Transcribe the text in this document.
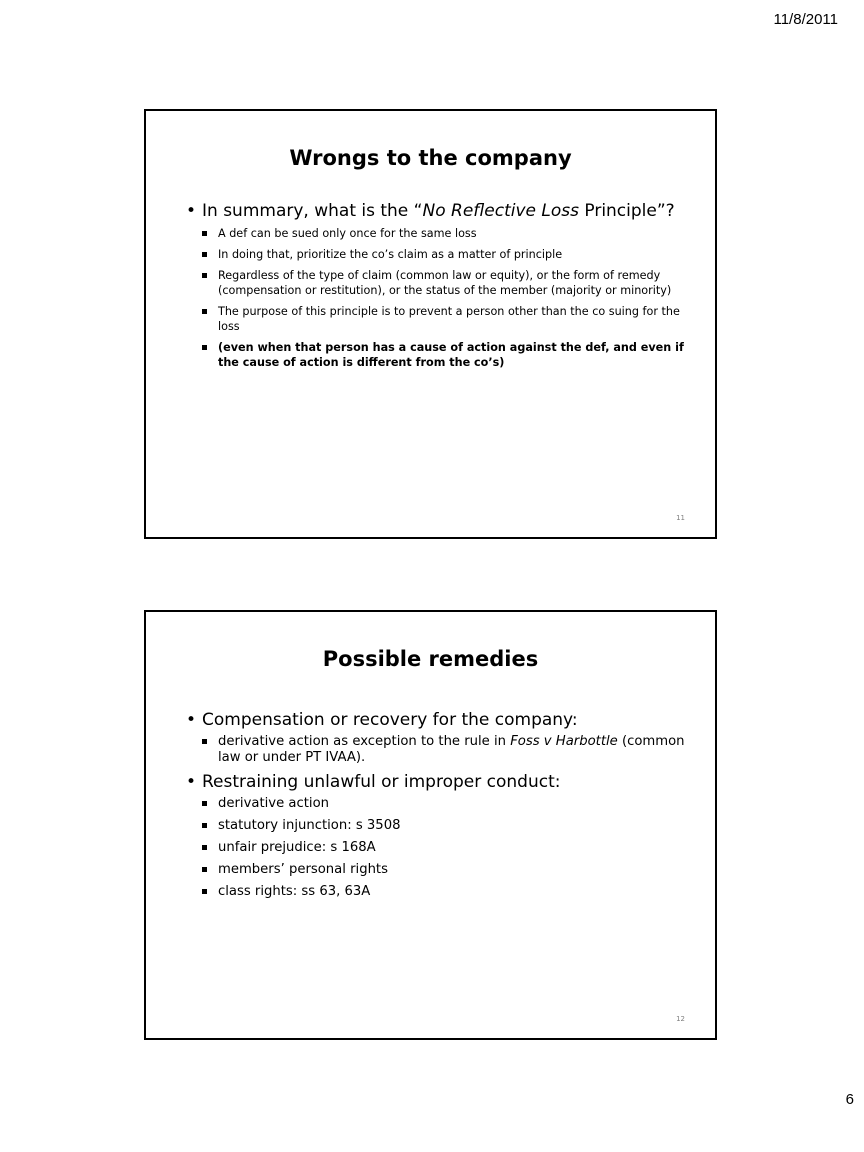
11/8/2011
Wrongs to the company

• In summary, what is the “No Reflective Loss Principle”?

A def can be sued only once for the same loss

In doing that, prioritize the co’s claim as a matter of principle

Regardless of the type of claim (common law or equity), or the form of remedy (compensation or restitution), or the status of the member (majority or minority)

The purpose of this principle is to prevent a person other than the co suing for the loss

(even when that person has a cause of action against the def, and even if the cause of action is different from the co’s)

11
Possible remedies

• Compensation or recovery for the company:

derivative action as exception to the rule in Foss v Harbottle (common law or under PT IVAA).

• Restraining unlawful or improper conduct:

derivative action

statutory injunction: s 3508

unfair prejudice: s 168A

members’ personal rights

class rights: ss 63, 63A

12
6
